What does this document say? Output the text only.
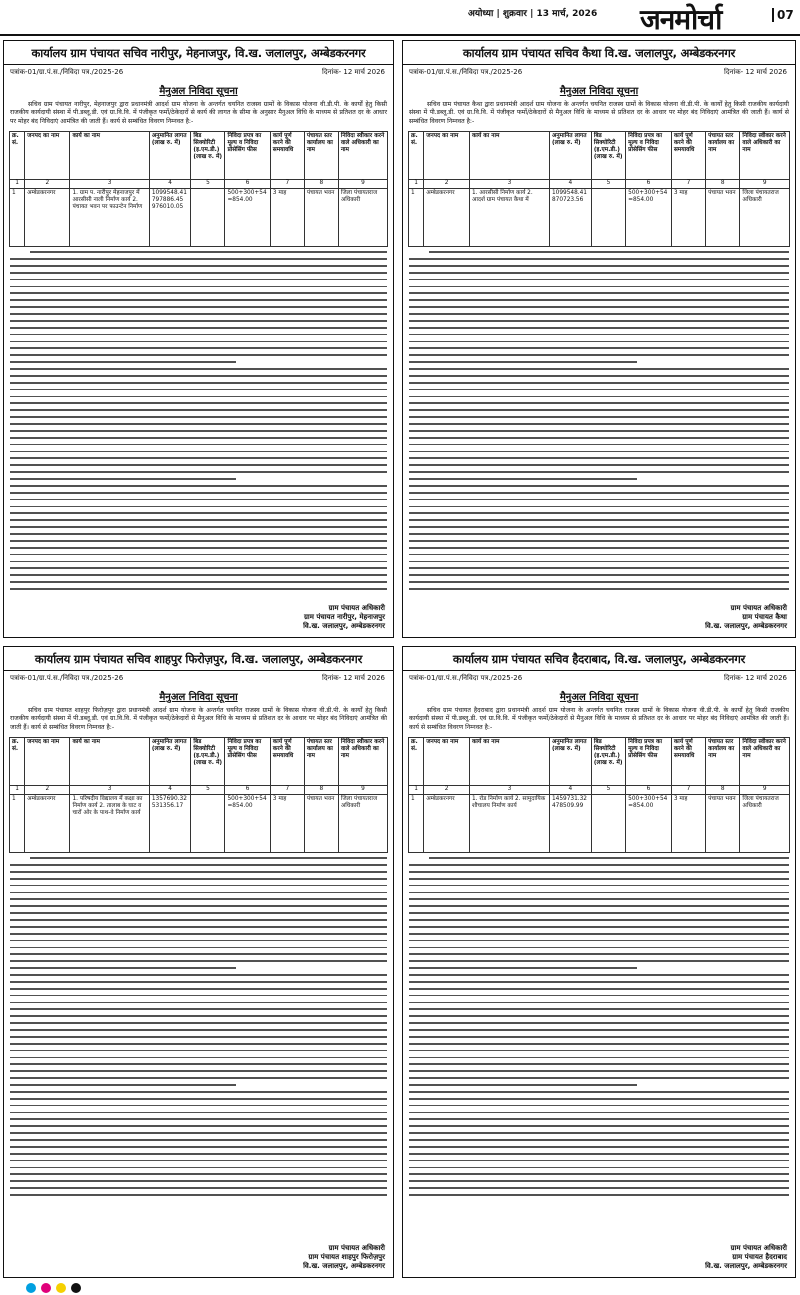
अयोध्या | शुक्रवार | 13 मार्च, 2026 जनमोर्चा	07
कार्यालय ग्राम पंचायत सचिव नारीपुर, मेहनाजपुर, वि.ख. जलालपुर, अम्बेडकरनगर
पत्रांक-01/ग्रा.पं.स./निविदा पत्र./2025-26	दिनांक- 12 मार्च 2026
मैनुअल निविदा सूचना
सचिव ग्राम पंचायत नारीपुर, मेहनाजपुर द्वारा प्रधानमंत्री आदर्श ग्राम योजना के अन्तर्गत चयनित राजस्व ग्रामों के विकास योजना वी.डी.पी. के कार्यों हेतु किसी राजकीय कार्यदायी संस्था में पी.डब्लू.डी. एवं ग्रा.वि.वि. में पंजीकृत फर्मो/ठेकेदारों से कार्य की लागत के सीमा के अनुसार मैनुअल विधि के माध्यम से प्रतिशत दर के आधार पर मोहर बंद निविदाएं आमंत्रित की जाती हैं। कार्य से सम्बंधित विवरण निम्नवत है:-
क्र. सं.	जनपद का नाम	कार्य का नाम	अनुमानित लागत (लाख रु. में)	बिड सिक्योरिटी (इ.एम.डी.) (लाख रु. में)	निविदा प्रपत्र का मूल्य व निविदा प्रोसेसिंग फीस	कार्य पूर्ण करने की समयावधि	पंचायत स्तर कार्यालय का नाम	निविदा स्वीकार करने वाले अधिकारी का नाम
1	2	3	4	5	6	7	8	9
1	अम्बेडकरनगर	1. ग्राम प. नारीपुर मेहनाजपुर में आरसीसी नाली निर्माण कार्य 2. पंचायत भवन पर फाउन्टेन निर्माण	1099548.41 797886.45 976010.05		500+300+54 =854.00	3 माह	पंचायत भवन	जिला पंचायतराज अधिकारी
ग्राम पंचायत अधिकारी
ग्राम पंचायत नारीपुर, मेहनाजपुर
वि.ख. जलालपुर, अम्बेडकरनगर
कार्यालय ग्राम पंचायत सचिव कैथा वि.ख. जलालपुर, अम्बेडकरनगर
पत्रांक-01/ग्रा.पं.स./निविदा पत्र./2025-26	दिनांक- 12 मार्च 2026
मैनुअल निविदा सूचना
सचिव ग्राम पंचायत कैथा द्वारा प्रधानमंत्री आदर्श ग्राम योजना के अन्तर्गत चयनित राजस्व ग्रामों के विकास योजना वी.डी.पी. के कार्यों हेतु किसी राजकीय कार्यदायी संस्था में पी.डब्लू.डी. एवं ग्रा.वि.वि. में पंजीकृत फर्मो/ठेकेदारों से मैनुअल विधि के माध्यम से प्रतिशत दर के आधार पर मोहर बंद निविदाएं आमंत्रित की जाती हैं। कार्य से सम्बंधित विवरण निम्नवत है:-
क्र. सं.	जनपद का नाम	कार्य का नाम	अनुमानित लागत (लाख रु. में)	बिड सिक्योरिटी (इ.एम.डी.) (लाख रु. में)	निविदा प्रपत्र का मूल्य व निविदा प्रोसेसिंग फीस	कार्य पूर्ण करने की समयावधि	पंचायत स्तर कार्यालय का नाम	निविदा स्वीकार करने वाले अधिकारी का नाम
1	2	3	4	5	6	7	8	9
1	अम्बेडकरनगर	1. आरसीसी निर्माण कार्य 2. आदर्श ग्राम पंचायत कैथा में	1099548.41 870723.56		500+300+54 =854.00	3 माह	पंचायत भवन	जिला पंचायतराज अधिकारी
ग्राम पंचायत अधिकारी
ग्राम पंचायत कैथा
वि.ख. जलालपुर, अम्बेडकरनगर
कार्यालय ग्राम पंचायत सचिव शाहपुर फिरोज़पुर, वि.ख. जलालपुर, अम्बेडकरनगर
पत्रांक-01/ग्रा.पं.स./निविदा पत्र./2025-26	दिनांक- 12 मार्च 2026
मैनुअल निविदा सूचना
सचिव ग्राम पंचायत शाहपुर फिरोज़पुर द्वारा प्रधानमंत्री आदर्श ग्राम योजना के अन्तर्गत चयनित राजस्व ग्रामों के विकास योजना वी.डी.पी. के कार्यों हेतु किसी राजकीय कार्यदायी संस्था में पी.डब्लू.डी. एवं ग्रा.वि.वि. में पंजीकृत फर्मो/ठेकेदारों से मैनुअल विधि के माध्यम से प्रतिशत दर के आधार पर मोहर बंद निविदाएं आमंत्रित की जाती हैं। कार्य से सम्बंधित विवरण निम्नवत है:-
क्र. सं.	जनपद का नाम	कार्य का नाम	अनुमानित लागत (लाख रु. में)	बिड सिक्योरिटी (इ.एम.डी.) (लाख रु. में)	निविदा प्रपत्र का मूल्य व निविदा प्रोसेसिंग फीस	कार्य पूर्ण करने की समयावधि	पंचायत स्तर कार्यालय का नाम	निविदा स्वीकार करने वाले अधिकारी का नाम
1	2	3	4	5	6	7	8	9
1	अम्बेडकरनगर	1. परिषदीय विद्यालय में कक्षा का निर्माण कार्य 2. तालाब के घाट व चारों ओर के पाथ-वे निर्माण कार्य	1357690.32 531356.17		500+300+54 =854.00	3 माह	पंचायत भवन	जिला पंचायतराज अधिकारी
ग्राम पंचायत अधिकारी
ग्राम पंचायत शाहपुर फिरोज़पुर
वि.ख. जलालपुर, अम्बेडकरनगर
कार्यालय ग्राम पंचायत सचिव हैदराबाद, वि.ख. जलालपुर, अम्बेडकरनगर
पत्रांक-01/ग्रा.पं.स./निविदा पत्र./2025-26	दिनांक- 12 मार्च 2026
मैनुअल निविदा सूचना
सचिव ग्राम पंचायत हैदराबाद द्वारा प्रधानमंत्री आदर्श ग्राम योजना के अन्तर्गत चयनित राजस्व ग्रामों के विकास योजना वी.डी.पी. के कार्यों हेतु किसी राजकीय कार्यदायी संस्था में पी.डब्लू.डी. एवं ग्रा.वि.वि. में पंजीकृत फर्मो/ठेकेदारों से मैनुअल विधि के माध्यम से प्रतिशत दर के आधार पर मोहर बंद निविदाएं आमंत्रित की जाती हैं। कार्य से सम्बंधित विवरण निम्नवत है:-
क्र. सं.	जनपद का नाम	कार्य का नाम	अनुमानित लागत (लाख रु. में)	बिड सिक्योरिटी (इ.एम.डी.) (लाख रु. में)	निविदा प्रपत्र का मूल्य व निविदा प्रोसेसिंग फीस	कार्य पूर्ण करने की समयावधि	पंचायत स्तर कार्यालय का नाम	निविदा स्वीकार करने वाले अधिकारी का नाम
1	2	3	4	5	6	7	8	9
1	अम्बेडकरनगर	1. रोड निर्माण कार्य 2. सामुदायिक शौचालय निर्माण कार्य	1459731.32 478509.99		500+300+54 =854.00	3 माह	पंचायत भवन	जिला पंचायतराज अधिकारी
ग्राम पंचायत अधिकारी
ग्राम पंचायत हैदराबाद
वि.ख. जलालपुर, अम्बेडकरनगर
